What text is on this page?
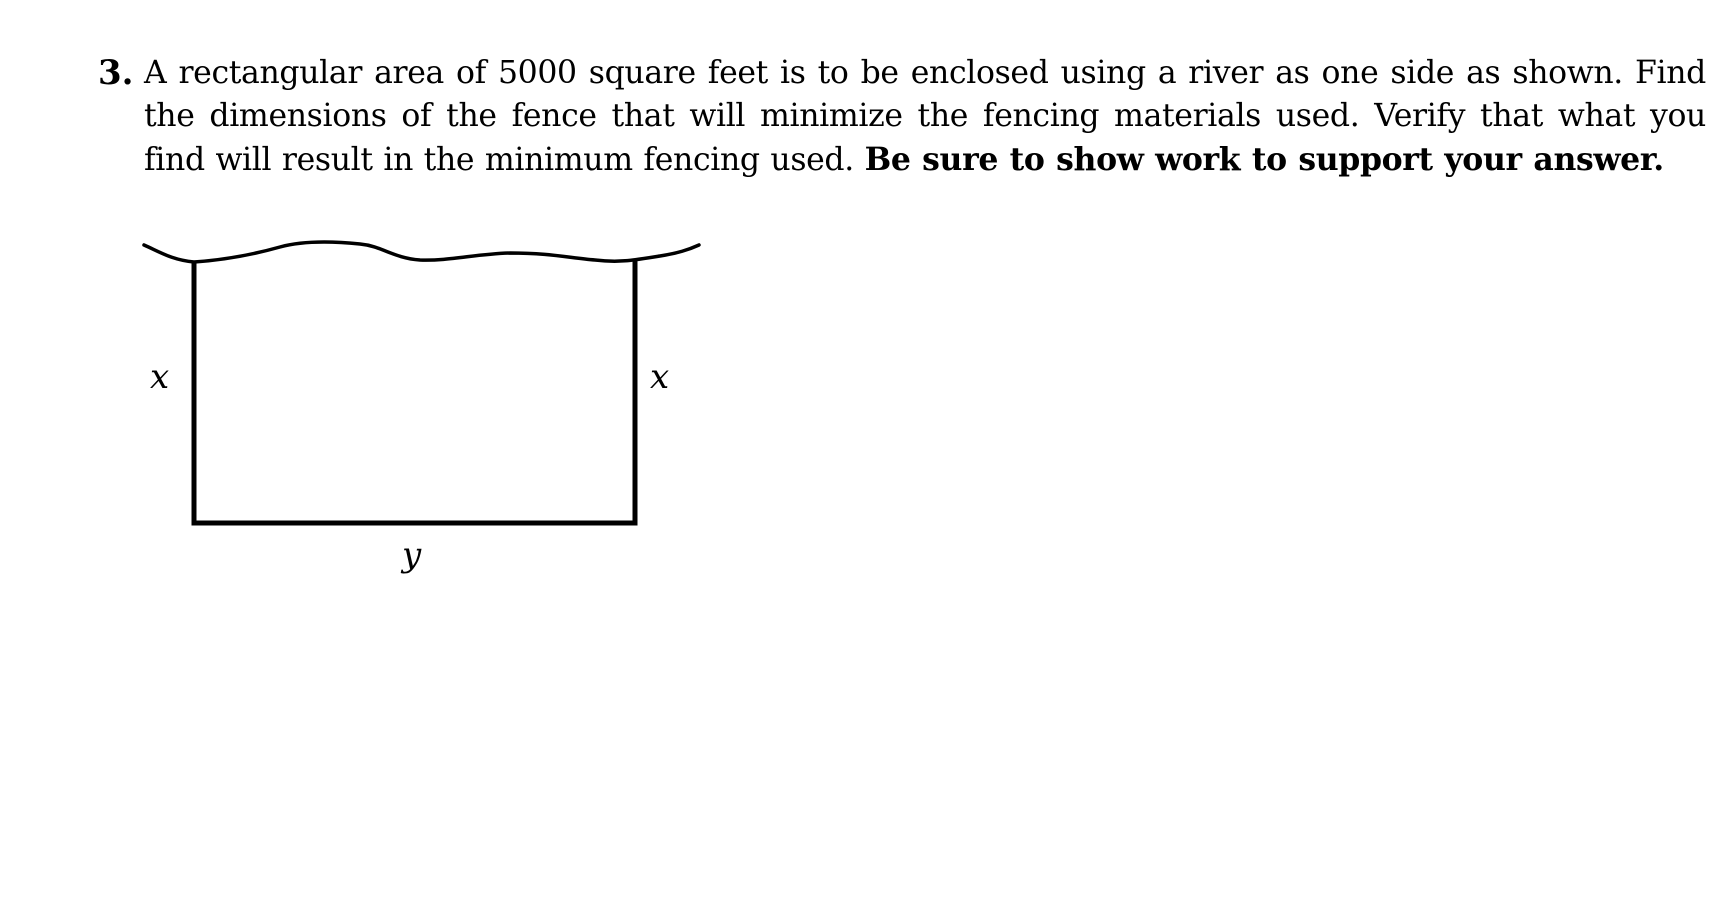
3. A rectangular area of 5000 square feet is to be enclosed using a river as one side as shown. Find the dimensions of the fence that will minimize the fencing materials used. Verify that what you find will result in the minimum fencing used. Be sure to show work to support your answer.
x	x
y
